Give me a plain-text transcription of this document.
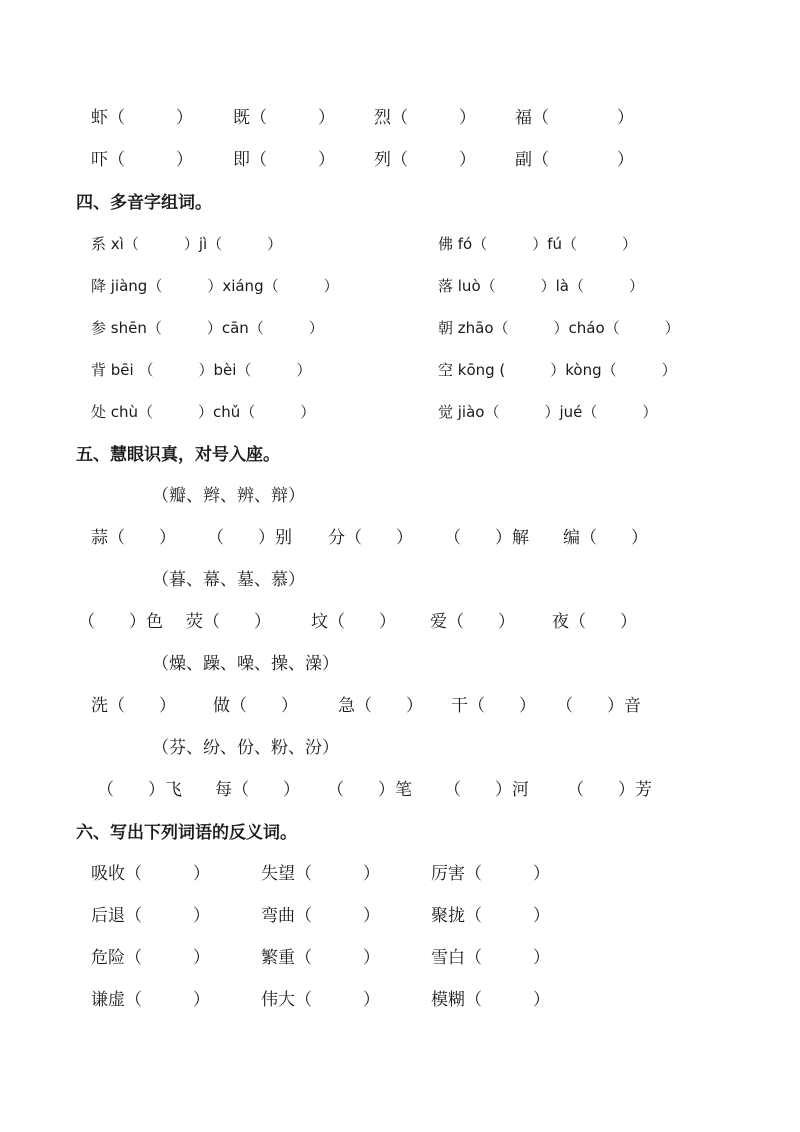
虾（　　　） 既（　　　） 烈（　　　） 福（　　　　）
吓（　　　） 即（　　　） 列（　　　） 副（　　　　）
四、多音字组词。
系 xì（　　　）jì（　　　）	佛 fó（　　　）fú（　　　）
降 jiàng（　　　）xiáng（　　　）	落 luò（　　　）là（　　　）
参 shēn（　　　）cān（　　　）	朝 zhāo（　　　）cháo（　　　）
背 bēi （　　　）bèi（　　　）	空 kōng (　　　）kòng（　　　）
处 chù（　　　）chǔ（　　　）	觉 jiào（　　　）jué（　　　）
五、慧眼识真，对号入座。
（瓣、辫、辨、辩）
蒜（　　） （　　）别 分（　　） （　　）解 编（　　）
（暮、幕、墓、慕）
（　　）色 荧（　　） 坟（　　） 爱（　　） 夜（　　）
（燥、躁、噪、操、澡）
洗（　　） 做（　　） 急（　　） 干（　　） （　　）音
（芬、纷、份、粉、汾）
（　　）飞 每（　　） （　　）笔 （　　）河 （　　）芳
六、写出下列词语的反义词。
吸收（　　　）	失望（　　　）	厉害（　　　）
后退（　　　）	弯曲（　　　）	聚拢（　　　）
危险（　　　）	繁重（　　　）	雪白（　　　）
谦虚（　　　）	伟大（　　　）	模糊（　　　）
